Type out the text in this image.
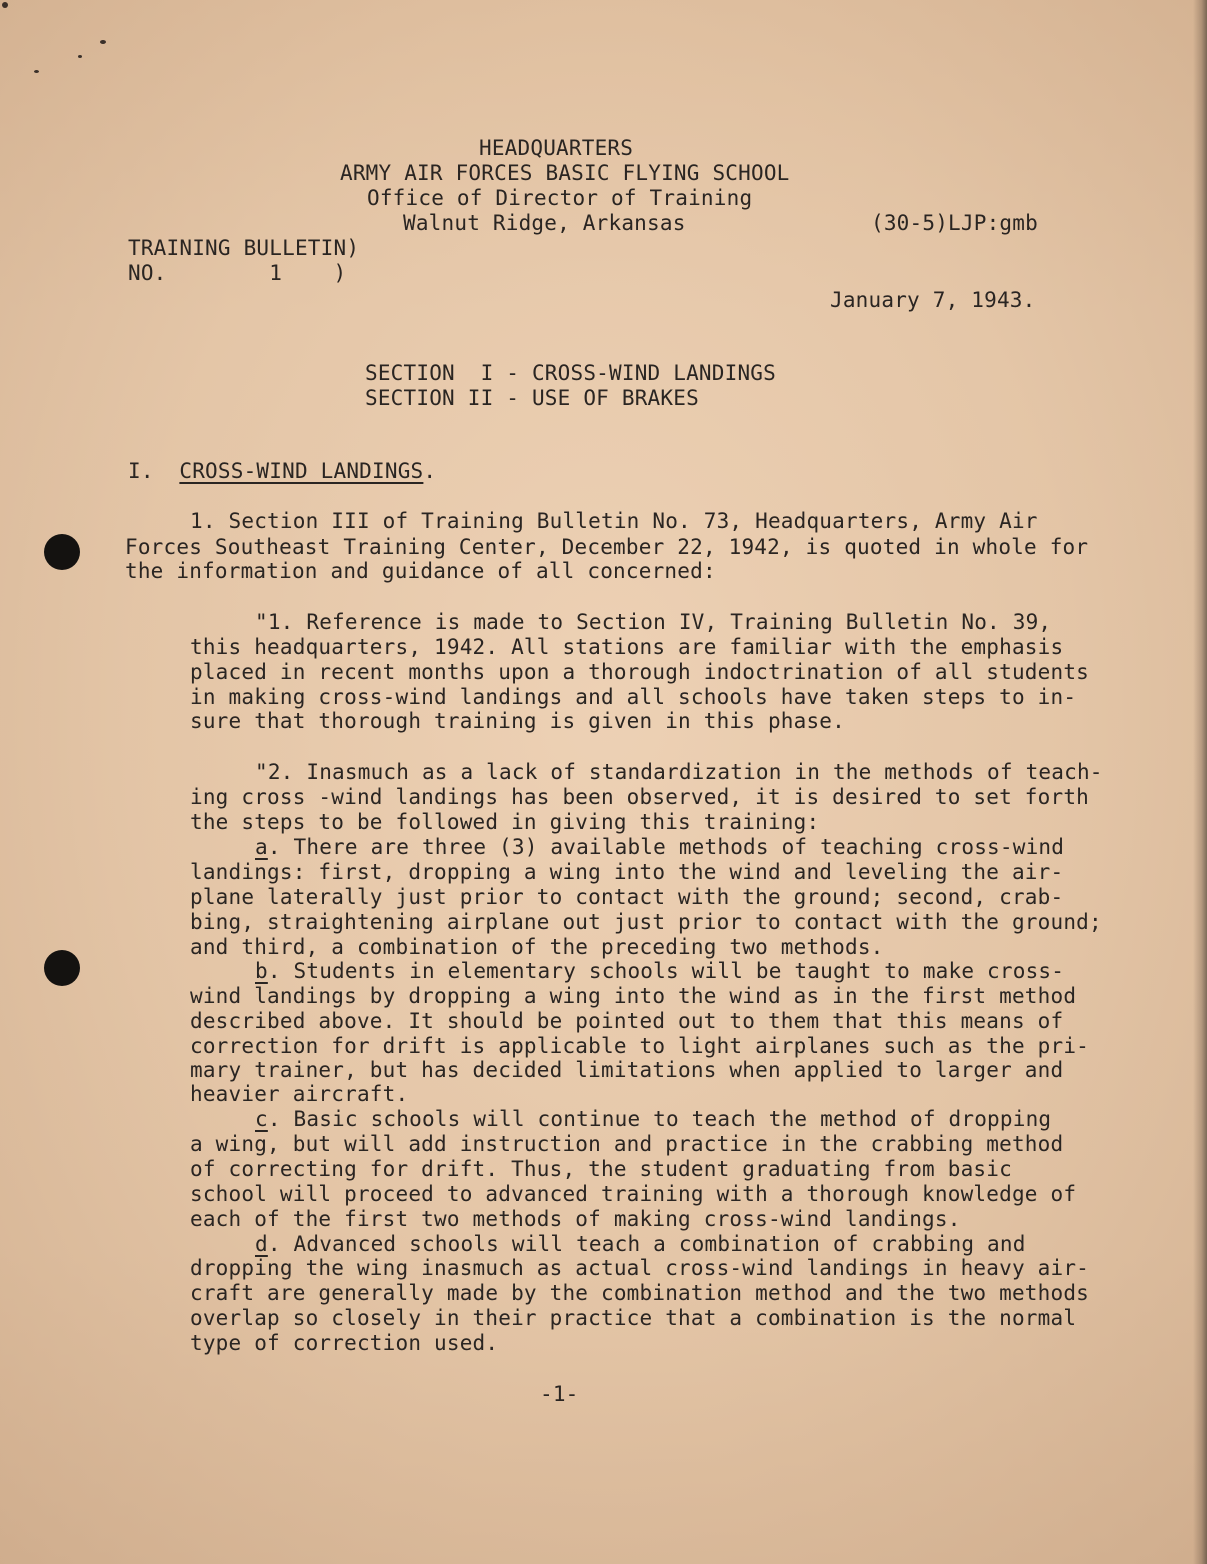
HEADQUARTERS
ARMY AIR FORCES BASIC FLYING SCHOOL
Office of Director of Training
Walnut Ridge, Arkansas	(30-5)LJP:gmb
TRAINING BULLETIN)
NO.        1    )
January 7, 1943.
SECTION  I - CROSS-WIND LANDINGS
SECTION II - USE OF BRAKES
I. CROSS-WIND LANDINGS.
1. Section III of Training Bulletin No. 73, Headquarters, Army Air
Forces Southeast Training Center, December 22, 1942, is quoted in whole for
the information and guidance of all concerned:
"1. Reference is made to Section IV, Training Bulletin No. 39,
this headquarters, 1942. All stations are familiar with the emphasis
placed in recent months upon a thorough indoctrination of all students
in making cross-wind landings and all schools have taken steps to in-
sure that thorough training is given in this phase.
"2. Inasmuch as a lack of standardization in the methods of teach-
ing cross -wind landings has been observed, it is desired to set forth
the steps to be followed in giving this training:
a. There are three (3) available methods of teaching cross-wind
landings: first, dropping a wing into the wind and leveling the air-
plane laterally just prior to contact with the ground; second, crab-
bing, straightening airplane out just prior to contact with the ground;
and third, a combination of the preceding two methods.
b. Students in elementary schools will be taught to make cross-
wind landings by dropping a wing into the wind as in the first method
described above. It should be pointed out to them that this means of
correction for drift is applicable to light airplanes such as the pri-
mary trainer, but has decided limitations when applied to larger and
heavier aircraft.
c. Basic schools will continue to teach the method of dropping
a wing, but will add instruction and practice in the crabbing method
of correcting for drift. Thus, the student graduating from basic
school will proceed to advanced training with a thorough knowledge of
each of the first two methods of making cross-wind landings.
d. Advanced schools will teach a combination of crabbing and
dropping the wing inasmuch as actual cross-wind landings in heavy air-
craft are generally made by the combination method and the two methods
overlap so closely in their practice that a combination is the normal
type of correction used.
-1-
